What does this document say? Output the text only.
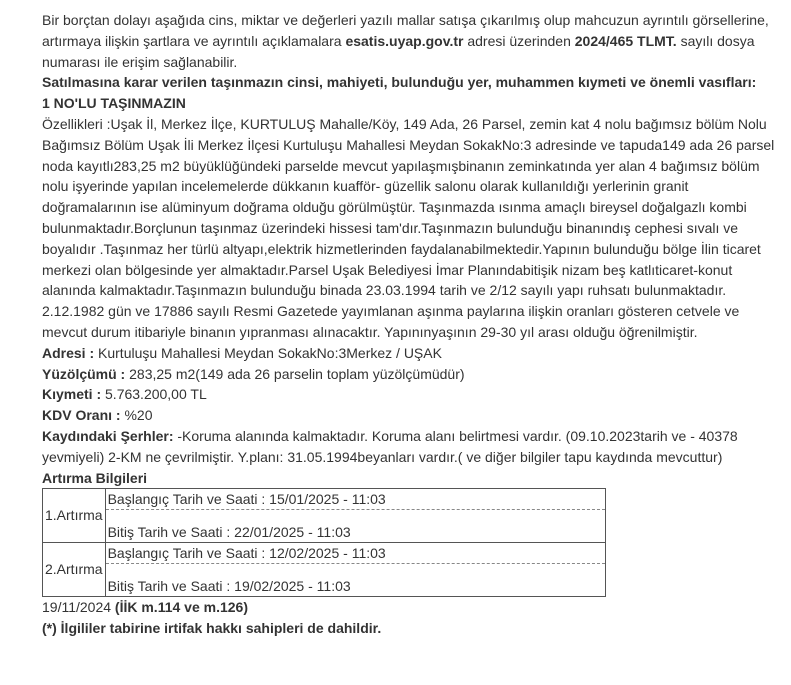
Bir borçtan dolayı aşağıda cins, miktar ve değerleri yazılı mallar satışa çıkarılmış olup mahcuzun ayrıntılı görsellerine, artırmaya ilişkin şartlara ve ayrıntılı açıklamalara esatis.uyap.gov.tr adresi üzerinden 2024/465 TLMT. sayılı dosya numarası ile erişim sağlanabilir.

Satılmasına karar verilen taşınmazın cinsi, mahiyeti, bulunduğu yer, muhammen kıymeti ve önemli vasıfları:

1 NO'LU TAŞINMAZIN

Özellikleri :Uşak İl, Merkez İlçe, KURTULUŞ Mahalle/Köy, 149 Ada, 26 Parsel, zemin kat 4 nolu bağımsız bölüm Nolu Bağımsız Bölüm Uşak İli Merkez İlçesi Kurtuluşu Mahallesi Meydan SokakNo:3 adresinde ve tapuda149 ada 26 parsel noda kayıtlı283,25 m2 büyüklüğündeki parselde mevcut yapılaşmışbinanın zeminkatında yer alan 4 bağımsız bölüm nolu işyerinde yapılan incelemelerde dükkanın kuafför- güzellik salonu olarak kullanıldığı yerlerinin granit doğramalarının ise alüminyum doğrama olduğu görülmüştür. Taşınmazda ısınma amaçlı bireysel doğalgazlı kombi bulunmaktadır.Borçlunun taşınmaz üzerindeki hissesi tam'dır.Taşınmazın bulunduğu binanındış cephesi sıvalı ve boyalıdır .Taşınmaz her türlü altyapı,elektrik hizmetlerinden faydalanabilmektedir.Yapının bulunduğu bölge İlin ticaret merkezi olan bölgesinde yer almaktadır.Parsel Uşak Belediyesi İmar Planındabitişik nizam beş katlıticaret-konut alanında kalmaktadır.Taşınmazın bulunduğu binada 23.03.1994 tarih ve 2/12 sayılı yapı ruhsatı bulunmaktadır. 2.12.1982 gün ve 17886 sayılı Resmi Gazetede yayımlanan aşınma paylarına ilişkin oranları gösteren cetvele ve mevcut durum itibariyle binanın yıpranması alınacaktır. Yapınınyaşının 29-30 yıl arası olduğu öğrenilmiştir.

Adresi : Kurtuluşu Mahallesi Meydan SokakNo:3Merkez / UŞAK

Yüzölçümü : 283,25 m2(149 ada 26 parselin toplam yüzölçümüdür)

Kıymeti : 5.763.200,00 TL

KDV Oranı : %20

Kaydındaki Şerhler: -Koruma alanında kalmaktadır. Koruma alanı belirtmesi vardır. (09.10.2023tarih ve - 40378 yevmiyeli) 2-KM ne çevrilmiştir. Y.planı: 31.05.1994beyanları vardır.( ve diğer bilgiler tapu kaydında mevcuttur)

Artırma Bilgileri

1.Artırma	Başlangıç Tarih ve Saati : 15/01/2025 - 11:03
Bitiş Tarih ve Saati : 22/01/2025 - 11:03

2.Artırma	Başlangıç Tarih ve Saati : 12/02/2025 - 11:03
Bitiş Tarih ve Saati : 19/02/2025 - 11:03

19/11/2024 (İİK m.114 ve m.126)

(*) İlgililer tabirine irtifak hakkı sahipleri de dahildir.
